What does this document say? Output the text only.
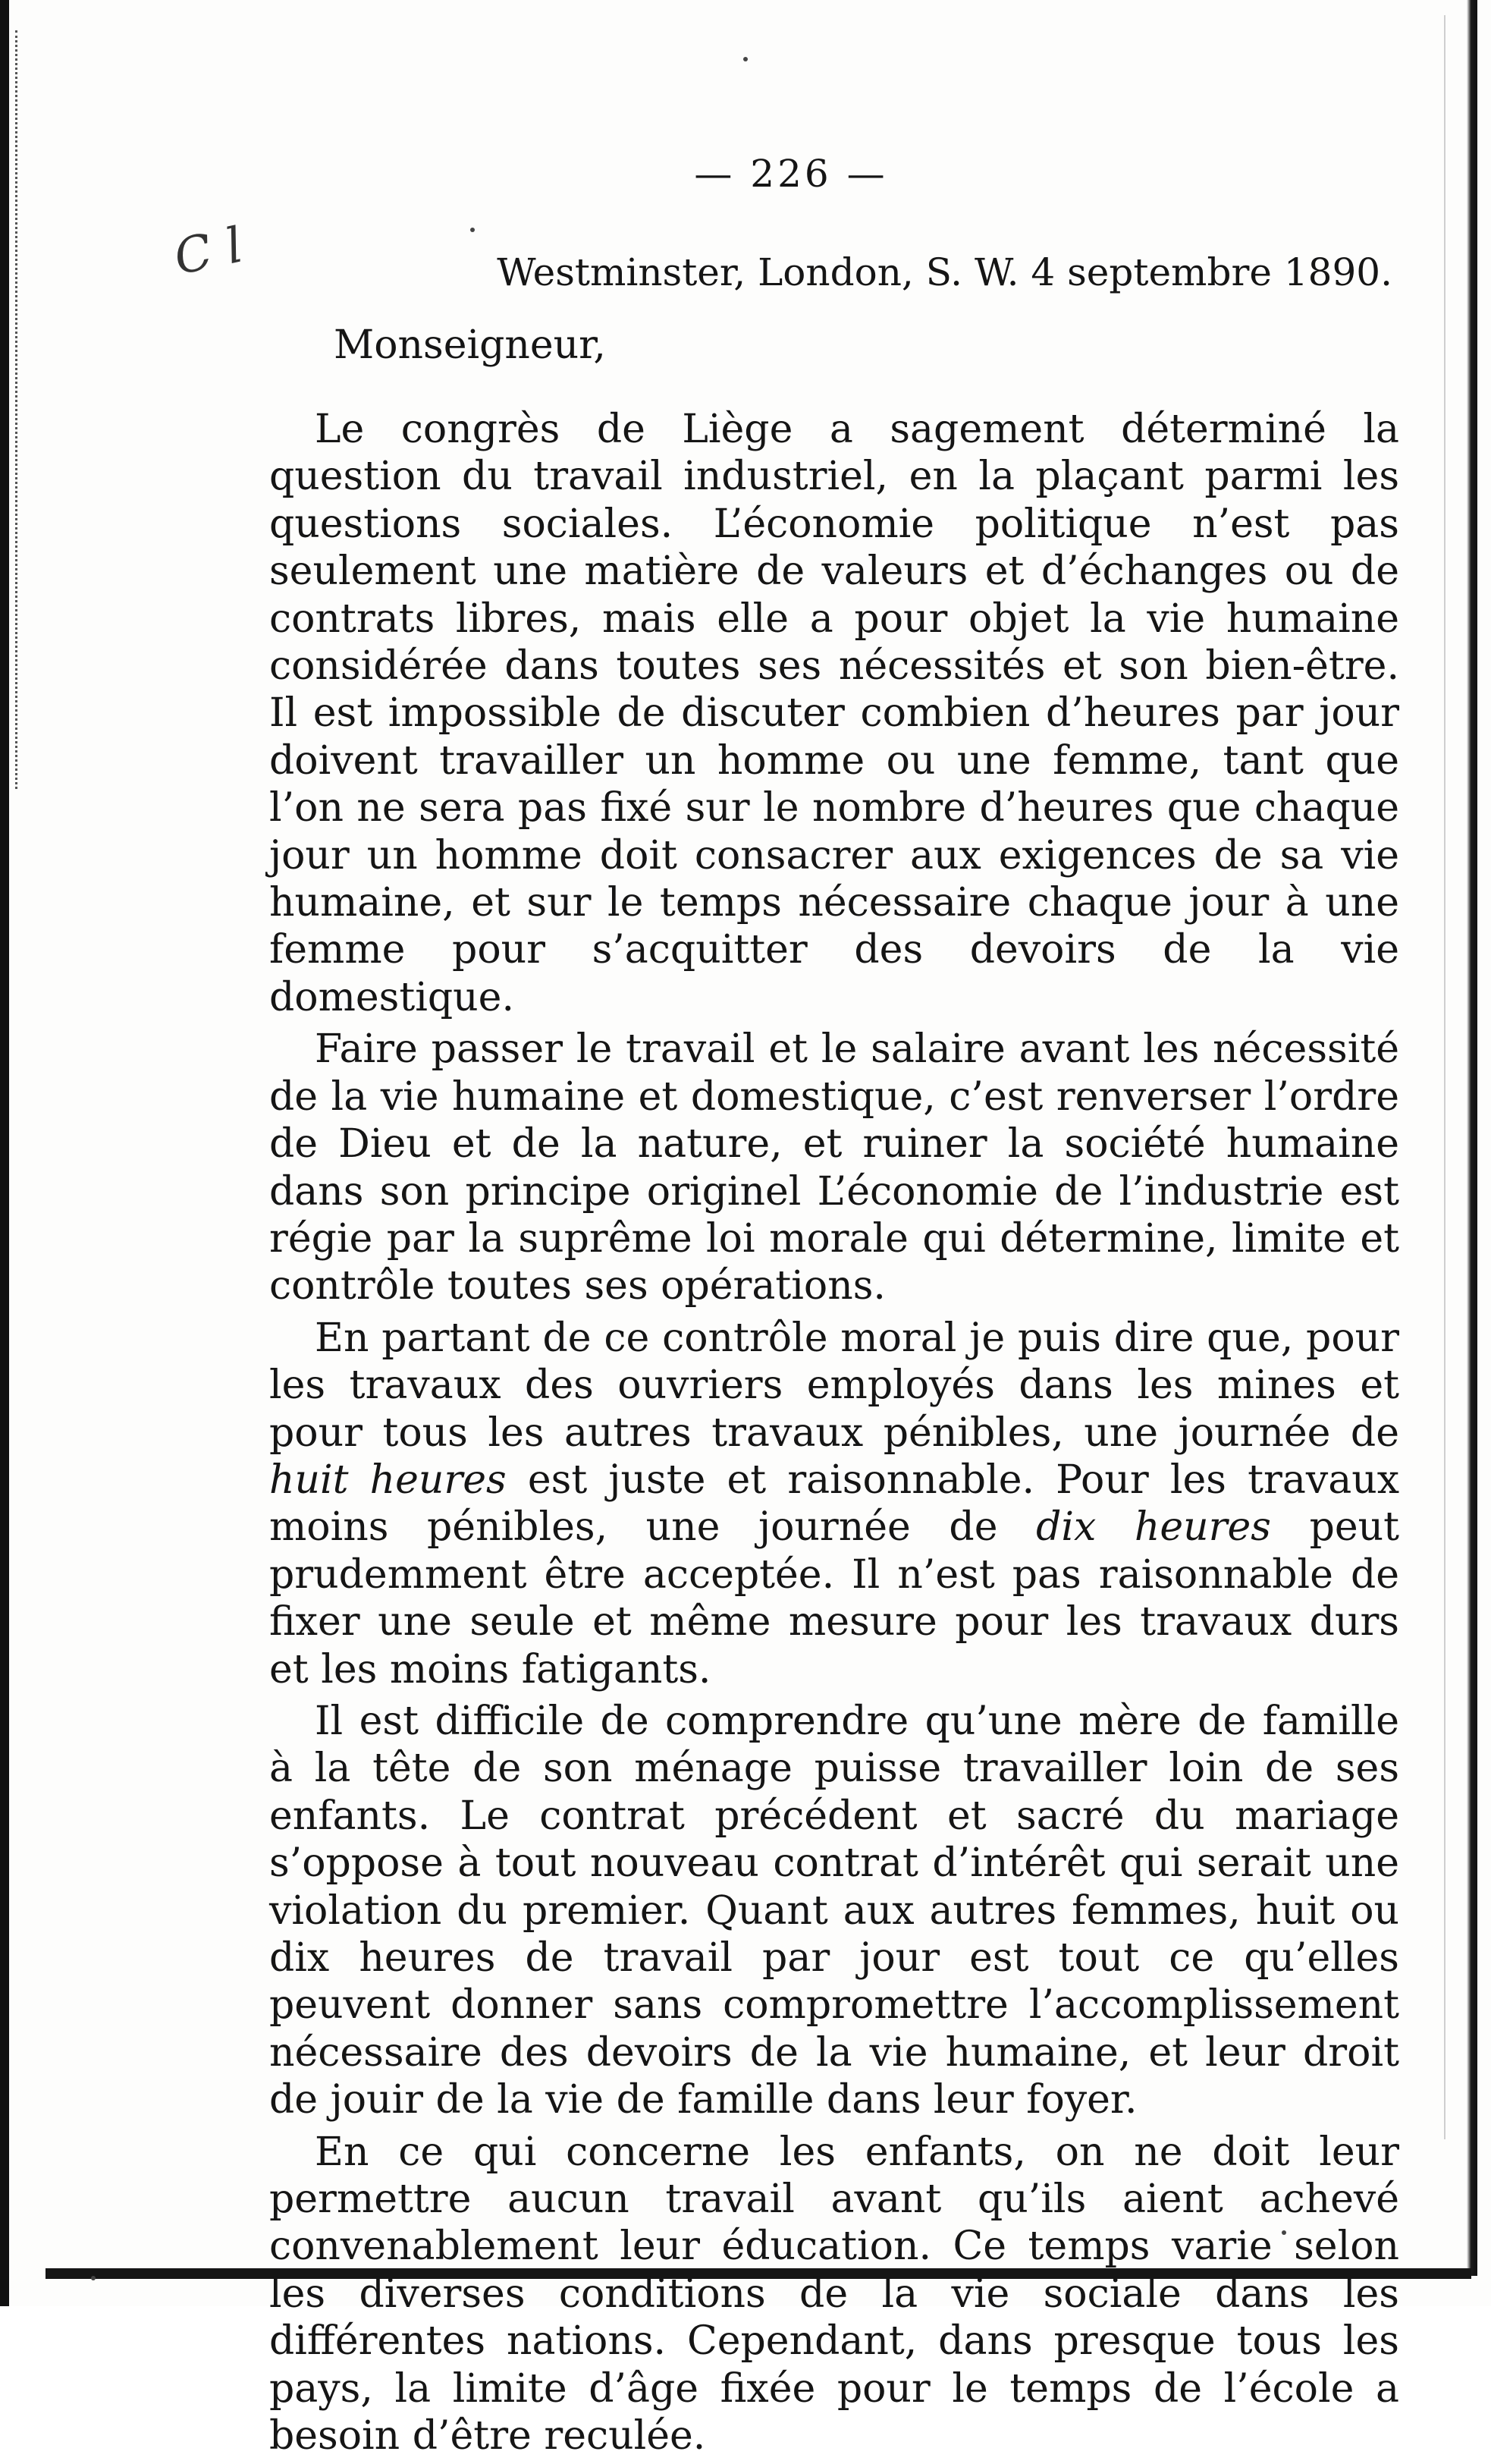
C l
— 226 —
Westminster, London, S. W. 4 septembre 1890.
Monseigneur,

Le congrès de Liège a sagement déterminé la question du travail industriel, en la plaçant parmi les questions sociales. L’économie politique n’est pas seulement une matière de valeurs et d’échanges ou de contrats libres, mais elle a pour objet la vie humaine considérée dans toutes ses nécessités et son bien-être. Il est impossible de discuter combien d’heures par jour doivent travailler un homme ou une femme, tant que l’on ne sera pas fixé sur le nombre d’heures que chaque jour un homme doit consacrer aux exigences de sa vie humaine, et sur le temps nécessaire chaque jour à une femme pour s’acquitter des devoirs de la vie domestique.

Faire passer le travail et le salaire avant les nécessité de la vie humaine et domestique, c’est renverser l’ordre de Dieu et de la nature, et ruiner la société humaine dans son principe originel L’économie de l’industrie est régie par la suprême loi morale qui détermine, limite et contrôle toutes ses opérations.

En partant de ce contrôle moral je puis dire que, pour les travaux des ouvriers employés dans les mines et pour tous les autres travaux pénibles, une journée de huit heures est juste et raisonnable. Pour les travaux moins pénibles, une journée de dix heures peut prudemment être acceptée. Il n’est pas raisonnable de fixer une seule et même mesure pour les travaux durs et les moins fatigants.

Il est difficile de comprendre qu’une mère de famille à la tête de son ménage puisse travailler loin de ses enfants. Le contrat précédent et sacré du mariage s’oppose à tout nouveau contrat d’intérêt qui serait une violation du premier. Quant aux autres femmes, huit ou dix heures de travail par jour est tout ce qu’elles peuvent donner sans compromettre l’accomplissement nécessaire des devoirs de la vie humaine, et leur droit de jouir de la vie de famille dans leur foyer.

En ce qui concerne les enfants, on ne doit leur permettre aucun travail avant qu’ils aient achevé convenablement leur éducation. Ce temps varie selon les diverses conditions de la vie sociale dans les différentes nations. Cependant, dans presque tous les pays, la limite d’âge fixée pour le temps de l’école a besoin d’être reculée.
